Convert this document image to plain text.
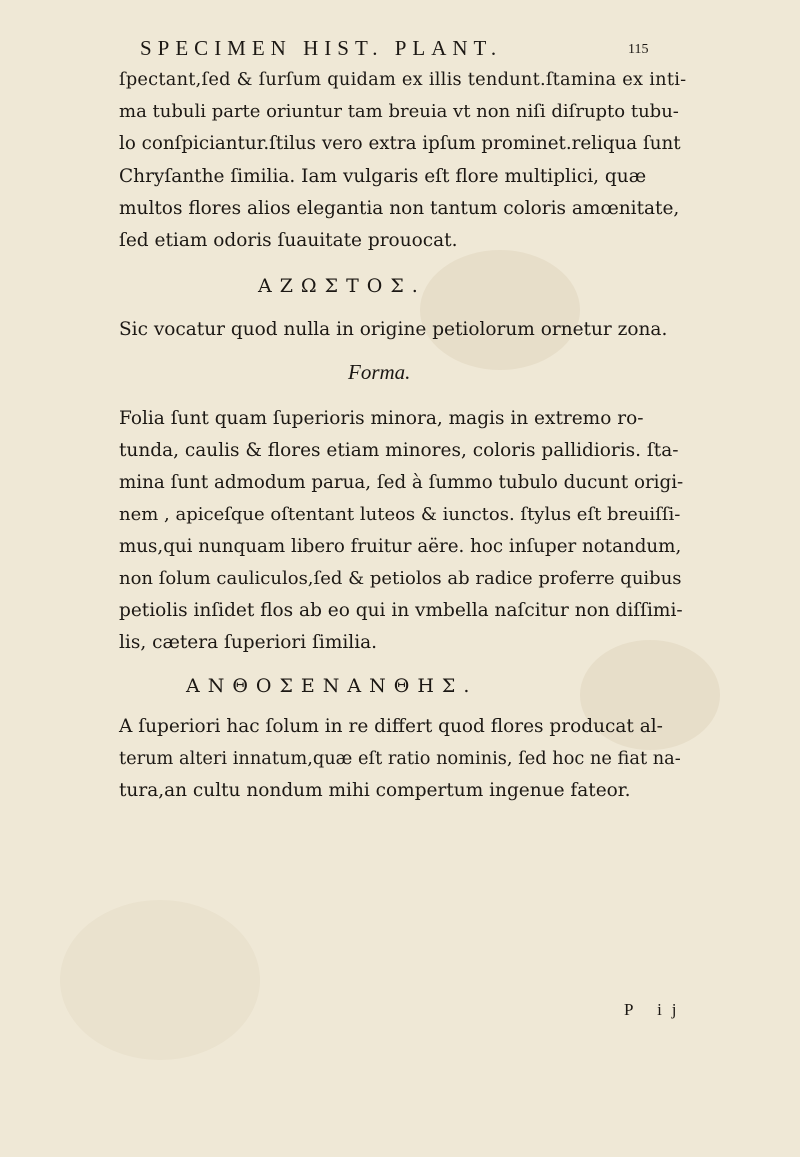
SPECIMEN HIST. PLANT.	115
ſpectant,ſed & ſurſum quidam ex illis tendunt.ſtamina ex inti-
ma tubuli parte oriuntur tam breuia vt non niſi diſrupto tubu-
lo conſpiciantur.ſtilus vero extra ipſum prominet.reliqua ſunt
Chryſanthe ſimilia. Iam vulgaris eſt flore multiplici, quæ
multos flores alios elegantia non tantum coloris amœnitate,
ſed etiam odoris ſuauitate prouocat.
AZΩΣTOΣ.
Sic vocatur quod nulla in origine petiolorum ornetur zona.
Forma.
Folia ſunt quam ſuperioris minora, magis in extremo ro-
tunda, caulis & flores etiam minores, coloris pallidioris. ſta-
mina ſunt admodum parua, ſed à ſummo tubulo ducunt origi-
nem , apiceſque oſtentant luteos & iunctos. ſtylus eſt breuiſſi-
mus,qui nunquam libero fruitur aëre. hoc inſuper notandum,
non ſolum cauliculos,ſed & petiolos ab radice proferre quibus
petiolis inſidet flos ab eo qui in vmbella naſcitur non diſſimi-
lis, cætera ſuperiori ſimilia.
ANΘOΣENANΘHΣ.
A ſuperiori hac ſolum in re differt quod flores producat al-
terum alteri innatum,quæ eſt ratio nominis, ſed hoc ne fiat na-
tura,an cultu nondum mihi compertum ingenue fateor.
P ij
